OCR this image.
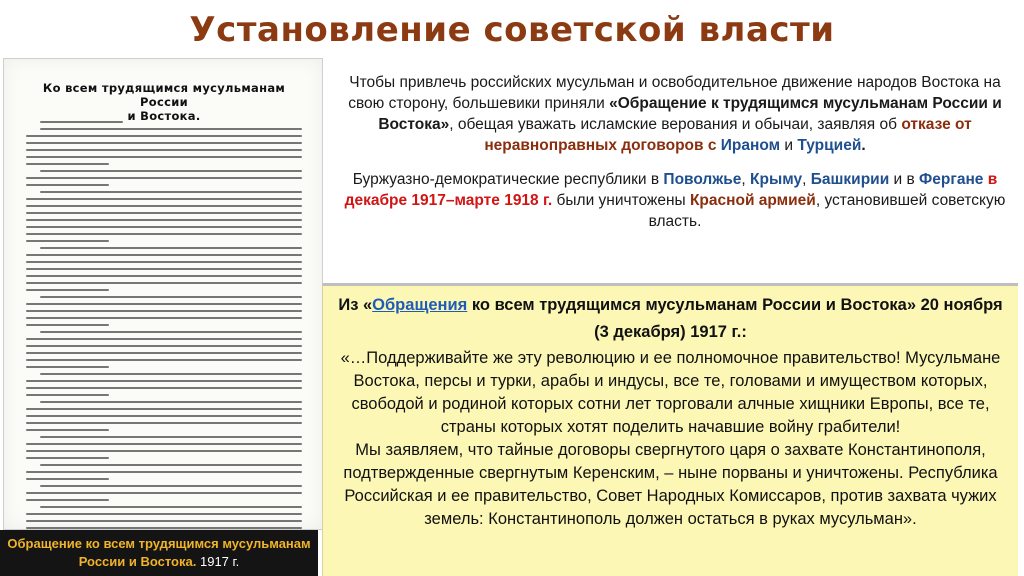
Установление советской власти
Ко всем трудящимся мусульманам России
и Востока.
Обращение ко всем трудящимся мусульманам России и Востока. 1917 г.

Чтобы привлечь российских мусульман и освободительное движение народов Востока на свою сторону, большевики приняли «Обращение к трудящимся мусульманам России и Востока», обещая уважать исламские верования и обычаи, заявляя об отказе от неравноправных договоров с Ираном и Турцией.

Буржуазно-демократические республики в Поволжье, Крыму, Башкирии и в Фергане в декабре 1917–марте 1918 г. были уничтожены Красной армией, установившей советскую власть.

Из «Обращения ко всем трудящимся мусульманам России и Востока» 20 ноября (3 декабря) 1917 г.:

«…Поддерживайте же эту революцию и ее полномочное правительство! Мусульмане Востока, персы и турки, арабы и индусы, все те, головами и имуществом которых, свободой и родиной которых сотни лет торговали алчные хищники Европы, все те, страны которых хотят поделить начавшие войну грабители!

Мы заявляем, что тайные договоры свергнутого царя о захвате Константинополя, подтвержденные свергнутым Керенским, – ныне порваны и уничтожены. Республика Российская и ее правительство, Совет Народных Комиссаров, против захвата чужих земель: Константинополь должен остаться в руках мусульман».
